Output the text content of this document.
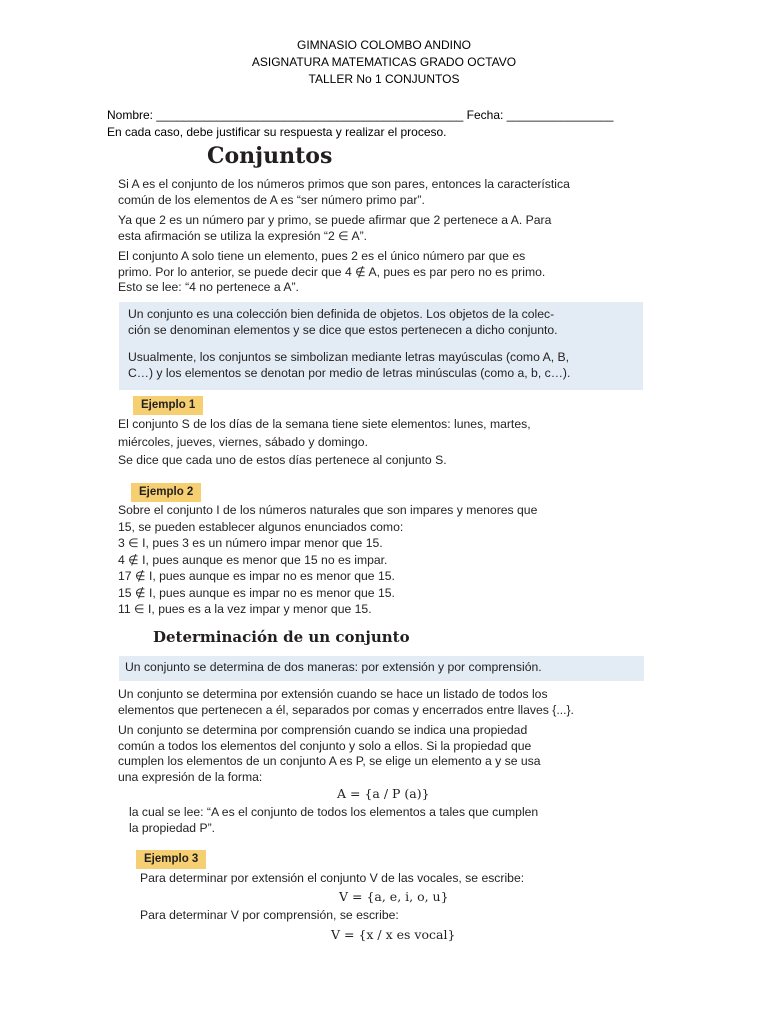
GIMNASIO COLOMBO ANDINO
ASIGNATURA MATEMATICAS GRADO OCTAVO
TALLER No 1 CONJUNTOS
Nombre: ______________________________________________ Fecha: ________________
En cada caso, debe justificar su respuesta y realizar el proceso.
Conjuntos
Si A es el conjunto de los números primos que son pares, entonces la característica
común de los elementos de A es “ser número primo par”.
Ya que 2 es un número par y primo, se puede afirmar que 2 pertenece a A. Para
esta afirmación se utiliza la expresión “2 ∈ A”.
El conjunto A solo tiene un elemento, pues 2 es el único número par que es
primo. Por lo anterior, se puede decir que 4 ∉ A, pues es par pero no es primo.
Esto se lee: “4 no pertenece a A”.
Un conjunto es una colección bien definida de objetos. Los objetos de la colec-
ción se denominan elementos y se dice que estos pertenecen a dicho conjunto.
Usualmente, los conjuntos se simbolizan mediante letras mayúsculas (como A, B,
C…) y los elementos se denotan por medio de letras minúsculas (como a, b, c…).
Ejemplo 1
El conjunto S de los días de la semana tiene siete elementos: lunes, martes,
miércoles, jueves, viernes, sábado y domingo.
Se dice que cada uno de estos días pertenece al conjunto S.
Ejemplo 2
Sobre el conjunto I de los números naturales que son impares y menores que
15, se pueden establecer algunos enunciados como:
3 ∈ I, pues 3 es un número impar menor que 15.
4 ∉ I, pues aunque es menor que 15 no es impar.
17 ∉ I, pues aunque es impar no es menor que 15.
15 ∉ I, pues aunque es impar no es menor que 15.
11 ∈ I, pues es a la vez impar y menor que 15.
Determinación de un conjunto
Un conjunto se determina de dos maneras: por extensión y por comprensión.
Un conjunto se determina por extensión cuando se hace un listado de todos los
elementos que pertenecen a él, separados por comas y encerrados entre llaves {...}.
Un conjunto se determina por comprensión cuando se indica una propiedad
común a todos los elementos del conjunto y solo a ellos. Si la propiedad que
cumplen los elementos de un conjunto A es P, se elige un elemento a y se usa
una expresión de la forma:
A = {a / P (a)}
la cual se lee: “A es el conjunto de todos los elementos a tales que cumplen
la propiedad P”.
Ejemplo 3
Para determinar por extensión el conjunto V de las vocales, se escribe:
V = {a, e, i, o, u}
Para determinar V por comprensión, se escribe:
V = {x / x es vocal}
